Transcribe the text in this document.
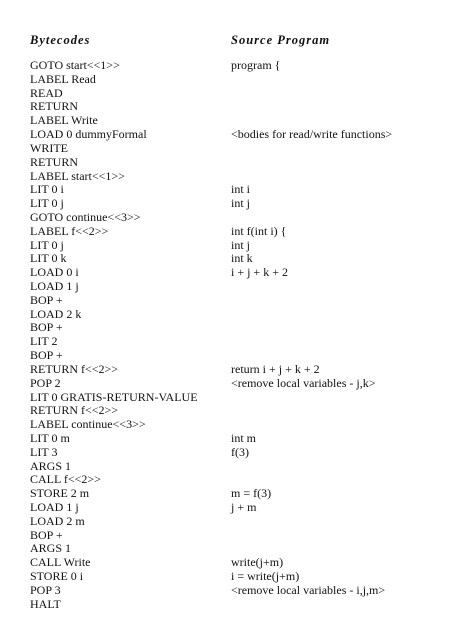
Bytecodes	Source Program
GOTO start<<1>>	program {
LABEL Read
READ
RETURN
LABEL Write
LOAD 0 dummyFormal	<bodies for read/write functions>
WRITE
RETURN
LABEL start<<1>>
LIT 0 i	int i
LIT 0 j	int j
GOTO continue<<3>>
LABEL f<<2>>	int f(int i) {
LIT 0 j	int j
LIT 0 k	int k
LOAD 0 i	i + j + k + 2
LOAD 1 j
BOP +
LOAD 2 k
BOP +
LIT 2
BOP +
RETURN f<<2>>	return i + j + k + 2
POP 2	<remove local variables - j,k>
LIT 0 GRATIS-RETURN-VALUE
RETURN f<<2>>
LABEL continue<<3>>
LIT 0 m	int m
LIT 3	f(3)
ARGS 1
CALL f<<2>>
STORE 2 m	m = f(3)
LOAD 1 j	j + m
LOAD 2 m
BOP +
ARGS 1
CALL Write	write(j+m)
STORE 0 i	i = write(j+m)
POP 3	<remove local variables - i,j,m>
HALT
